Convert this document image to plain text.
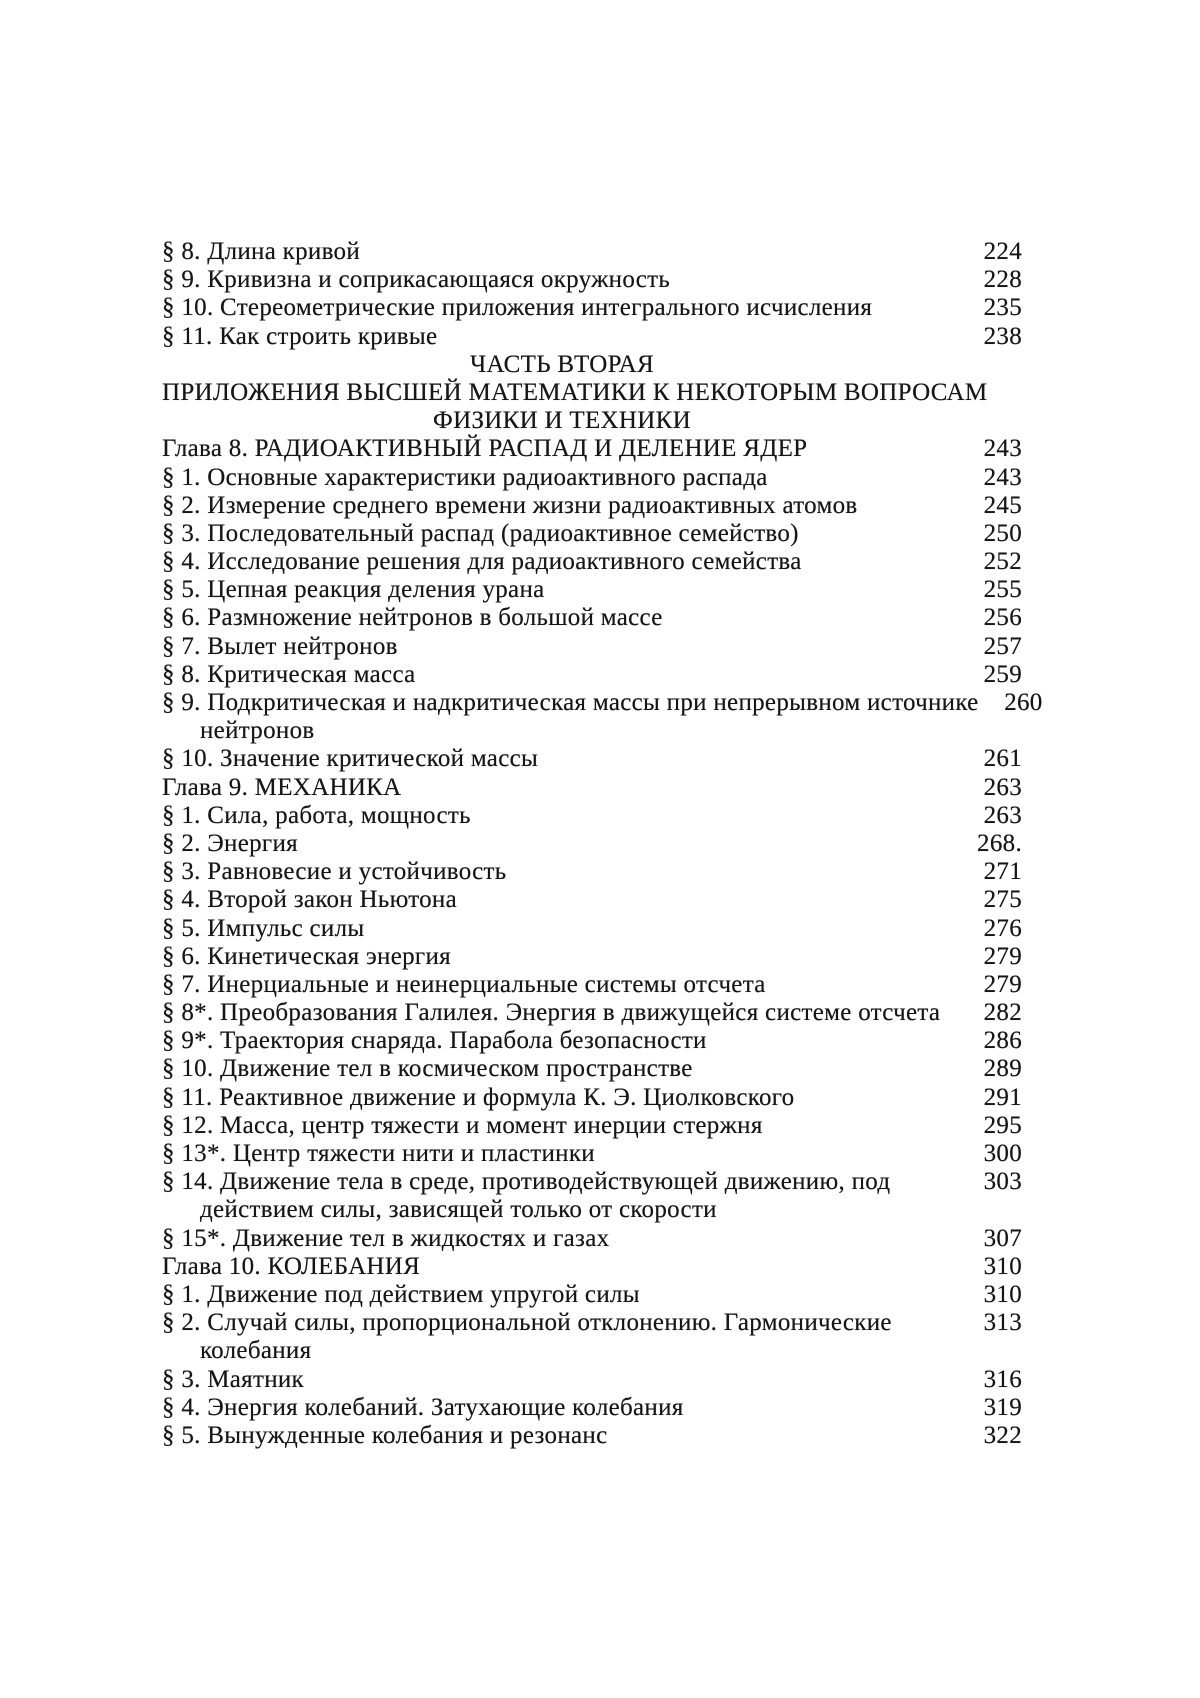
§ 8. Длина кривой	224
§ 9. Кривизна и соприкасающаяся окружность	228
§ 10. Стереометрические приложения интегрального исчисления	235
§ 11. Как строить кривые	238
ЧАСТЬ ВТОРАЯ
ПРИЛОЖЕНИЯ ВЫСШЕЙ МАТЕМАТИКИ К НЕКОТОРЫМ ВОПРОСАМ
ФИЗИКИ И ТЕХНИКИ
Глава 8. РАДИОАКТИВНЫЙ РАСПАД И ДЕЛЕНИЕ ЯДЕР	243
§ 1. Основные характеристики радиоактивного распада	243
§ 2. Измерение среднего времени жизни радиоактивных атомов	245
§ 3. Последовательный распад (радиоактивное семейство)	250
§ 4. Исследование решения для радиоактивного семейства	252
§ 5. Цепная реакция деления урана	255
§ 6. Размножение нейтронов в большой массе	256
§ 7. Вылет нейтронов	257
§ 8. Критическая масса	259
§ 9. Подкритическая и надкритическая массы при непрерывном источнике	260
нейтронов
§ 10. Значение критической массы	261
Глава 9. МЕХАНИКА	263
§ 1. Сила, работа, мощность	263
§ 2. Энергия	268.
§ 3. Равновесие и устойчивость	271
§ 4. Второй закон Ньютона	275
§ 5. Импульс силы	276
§ 6. Кинетическая энергия	279
§ 7. Инерциальные и неинерциальные системы отсчета	279
§ 8*. Преобразования Галилея. Энергия в движущейся системе отсчета	282
§ 9*. Траектория снаряда. Парабола безопасности	286
§ 10. Движение тел в космическом пространстве	289
§ 11. Реактивное движение и формула К. Э. Циолковского	291
§ 12. Масса, центр тяжести и момент инерции стержня	295
§ 13*. Центр тяжести нити и пластинки	300
§ 14. Движение тела в среде, противодействующей движению, под	303
действием силы, зависящей только от скорости
§ 15*. Движение тел в жидкостях и газах	307
Глава 10. КОЛЕБАНИЯ	310
§ 1. Движение под действием упругой силы	310
§ 2. Случай силы, пропорциональной отклонению. Гармонические	313
колебания
§ 3. Маятник	316
§ 4. Энергия колебаний. Затухающие колебания	319
§ 5. Вынужденные колебания и резонанс	322
